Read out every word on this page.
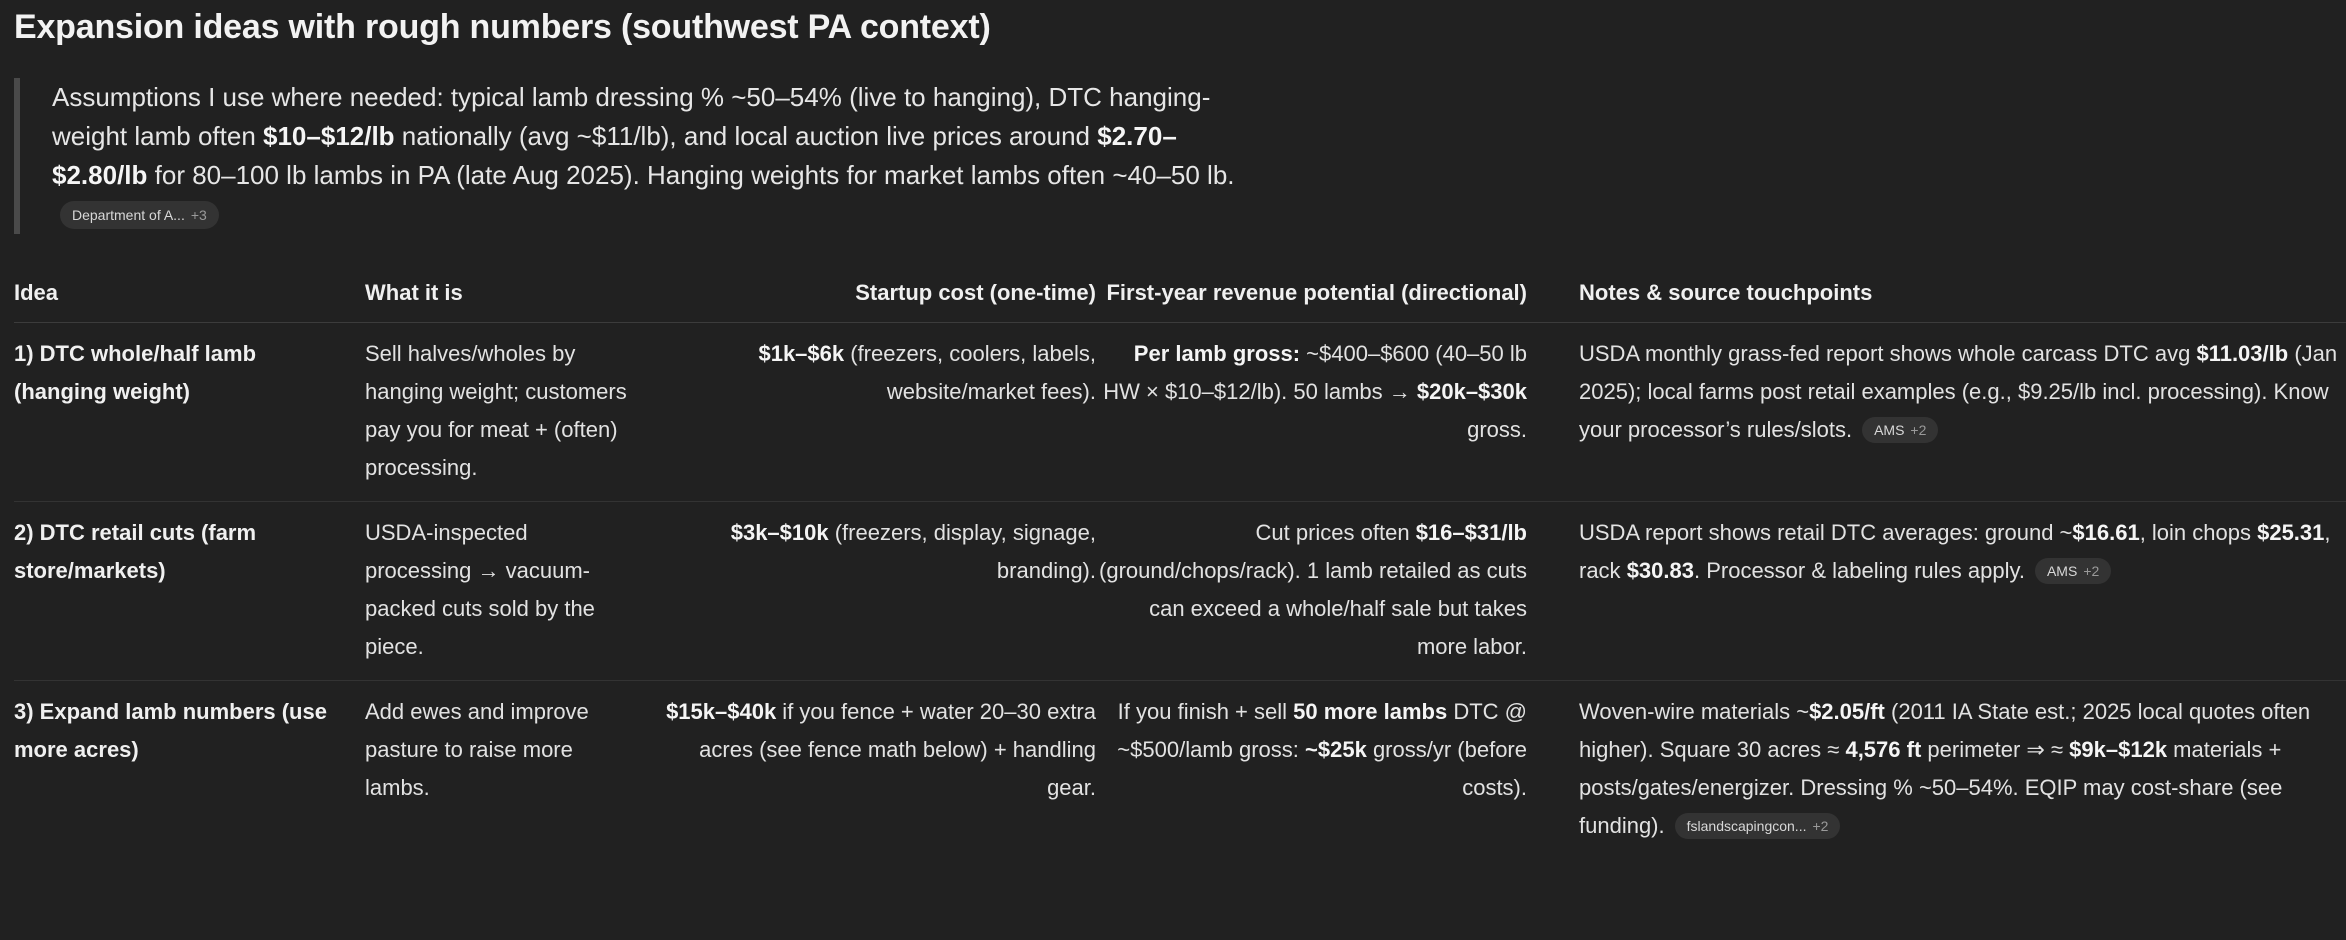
Expansion ideas with rough numbers (southwest PA context)
Assumptions I use where needed: typical lamb dressing % ~50–54% (live to hanging), DTC hanging-weight lamb often $10–$12/lb nationally (avg ~$11/lb), and local auction live prices around $2.70–$2.80/lb for 80–100 lb lambs in PA (late Aug 2025). Hanging weights for market lambs often ~40–50 lb.Department of A... +3
Idea	What it is	Startup cost (one-time)	First-year revenue potential (directional)	Notes & source touchpoints
1) DTC whole/half lamb (hanging weight)	Sell halves/wholes by hanging weight; customers pay you for meat + (often) processing.	$1k–$6k (freezers, coolers, labels, website/market fees).	Per lamb gross: ~$400–$600 (40–50 lb HW × $10–$12/lb). 50 lambs → $20k–$30k gross.	USDA monthly grass-fed report shows whole carcass DTC avg $11.03/lb (Jan 2025); local farms post retail examples (e.g., $9.25/lb incl. processing). Know your processor’s rules/slots. AMS +2
2) DTC retail cuts (farm store/markets)	USDA-inspected processing → vacuum-packed cuts sold by the piece.	$3k–$10k (freezers, display, signage, branding).	Cut prices often $16–$31/lb (ground/chops/rack). 1 lamb retailed as cuts can exceed a whole/half sale but takes more labor.	USDA report shows retail DTC averages: ground ~$16.61, loin chops $25.31, rack $30.83. Processor & labeling rules apply. AMS +2
3) Expand lamb numbers (use more acres)	Add ewes and improve pasture to raise more lambs.	$15k–$40k if you fence + water 20–30 extra acres (see fence math below) + handling gear.	If you finish + sell 50 more lambs DTC @ ~$500/lamb gross: ~$25k gross/yr (before costs).	Woven-wire materials ~$2.05/ft (2011 IA State est.; 2025 local quotes often higher). Square 30 acres ≈ 4,576 ft perimeter ⇒ ≈ $9k–$12k materials + posts/gates/energizer. Dressing % ~50–54%. EQIP may cost-share (see funding). fslandscapingcon... +2
